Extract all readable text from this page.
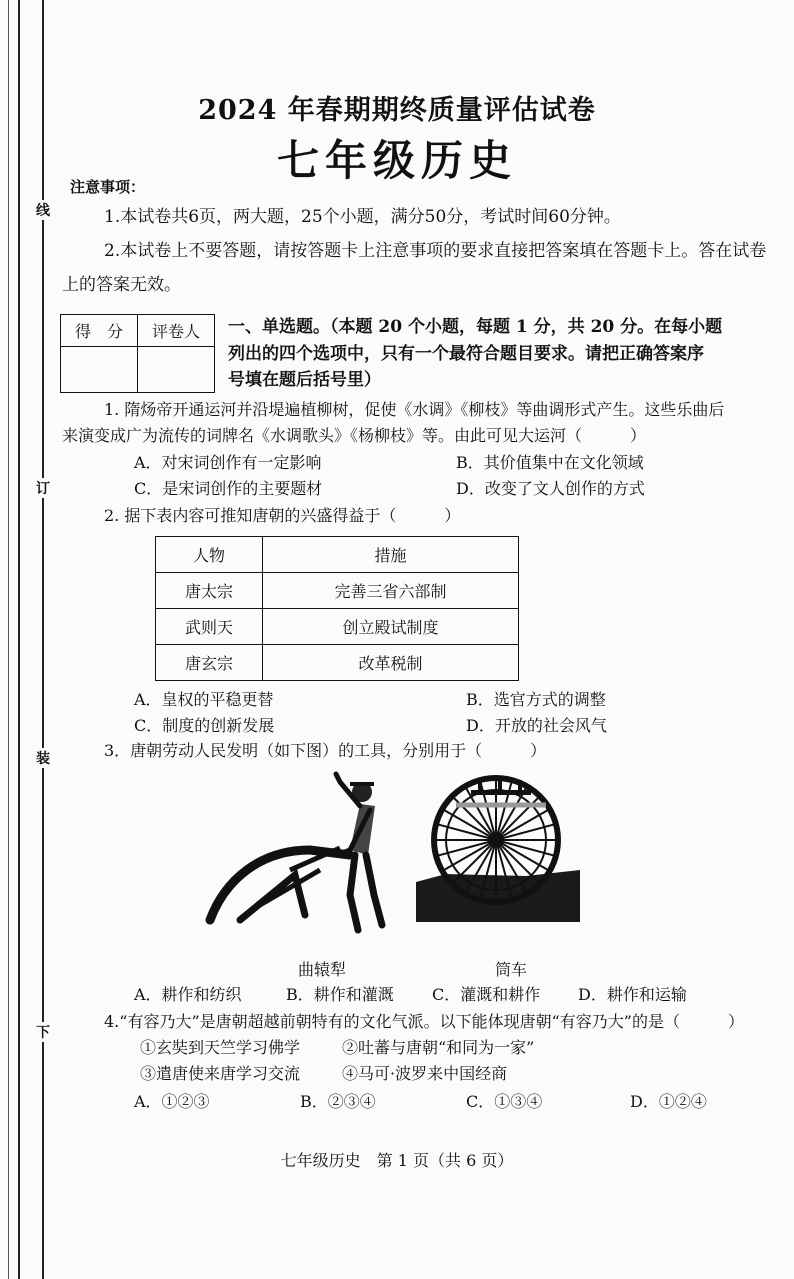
线
订
装
下
2024 年春期期终质量评估试卷
七年级历史
注意事项：
1.本试卷共6页，两大题，25个小题，满分50分，考试时间60分钟。
2.本试卷上不要答题，请按答题卡上注意事项的要求直接把答案填在答题卡上。答在试卷
上的答案无效。
得　分	评卷人
	一、单选题。（本题 20 个小题，每题 1 分，共 20 分。在每小题
列出的四个选项中，只有一个最符合题目要求。请把正确答案序
号填在题后括号里）
1. 隋炀帝开通运河并沿堤遍植柳树，促使《水调》《柳枝》等曲调形式产生。这些乐曲后
来演变成广为流传的词牌名《水调歌头》《杨柳枝》等。由此可见大运河（　　　）
A．对宋词创作有一定影响	B．其价值集中在文化领域
C．是宋词创作的主要题材	D．改变了文人创作的方式
2. 据下表内容可推知唐朝的兴盛得益于（　　　）
人物	措施
唐太宗	完善三省六部制
武则天	创立殿试制度
唐玄宗	改革税制
A．皇权的平稳更替	B．选官方式的调整
C．制度的创新发展	D．开放的社会风气
3．唐朝劳动人民发明（如下图）的工具，分别用于（　　　）
曲辕犁	筒车
A．耕作和纺织	B．耕作和灌溉 C．灌溉和耕作 D．耕作和运输
4.“有容乃大”是唐朝超越前朝特有的文化气派。以下能体现唐朝“有容乃大”的是（　　　）
①玄奘到天竺学习佛学	②吐蕃与唐朝“和同为一家”
③遣唐使来唐学习交流	④马可·波罗来中国经商
A．①②③	B．②③④	C．①③④	D．①②④
七年级历史　第 1 页（共 6 页）
